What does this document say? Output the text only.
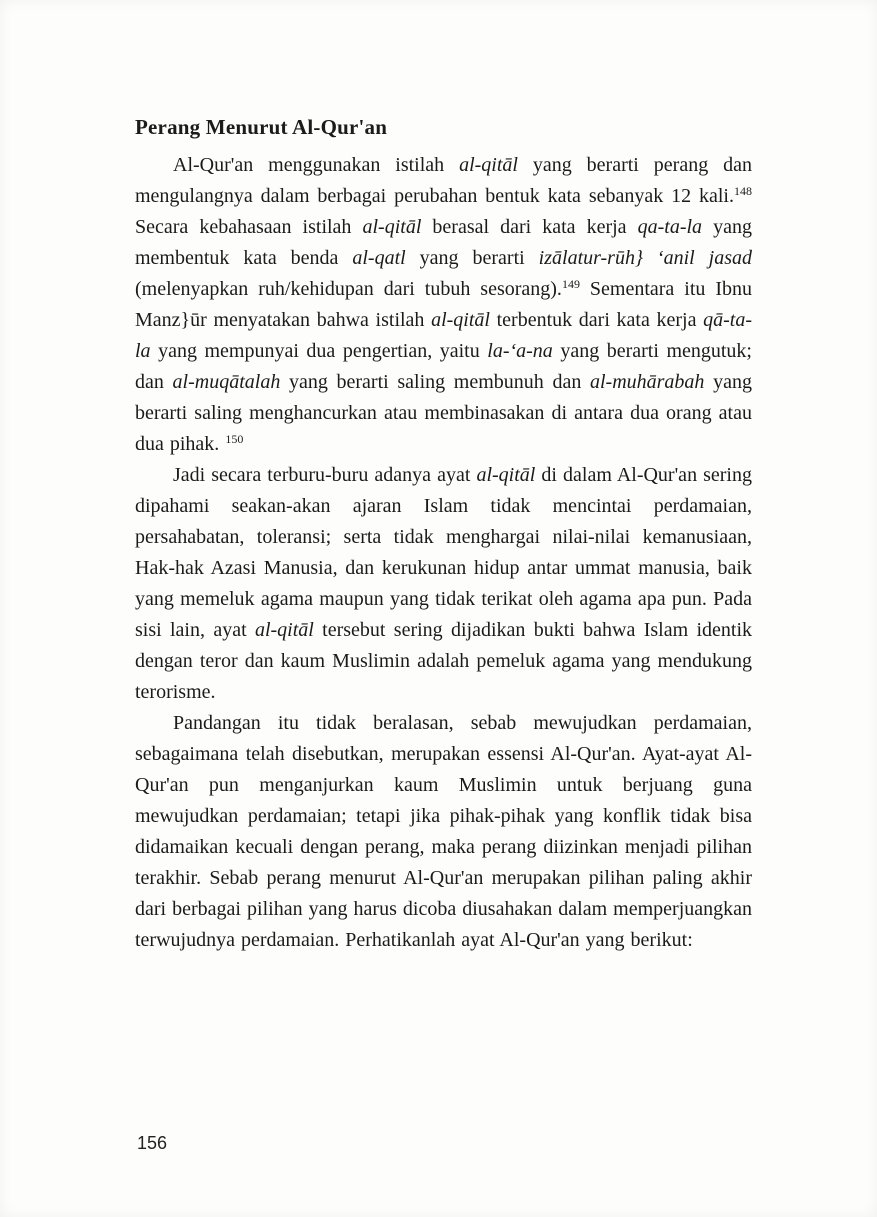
Perang Menurut Al-Qur'an

Al-Qur'an menggunakan istilah al-qitāl yang berarti perang dan mengulangnya dalam berbagai perubahan bentuk kata sebanyak 12 kali.$^{148}$ Secara kebahasaan istilah al-qitāl berasal dari kata kerja qa-ta-la yang membentuk kata benda al-qatl yang berarti izālatur-rūh} ‘anil jasad (melenyapkan ruh/kehidupan dari tubuh sesorang).$^{149}$ Sementara itu Ibnu Manz}ūr menyatakan bahwa istilah al-qitāl terbentuk dari kata kerja qā-ta-la yang mempunyai dua pengertian, yaitu la-‘a-na yang berarti mengutuk; dan al-muqātalah yang berarti saling membunuh dan al-muhārabah yang berarti saling menghancurkan atau membinasakan di antara dua orang atau dua pihak. $^{150}$

Jadi secara terburu-buru adanya ayat al-qitāl di dalam Al-Qur'an sering dipahami seakan-akan ajaran Islam tidak mencintai perdamaian, persahabatan, toleransi; serta tidak menghargai nilai-nilai kemanusiaan, Hak-hak Azasi Manusia, dan kerukunan hidup antar ummat manusia, baik yang memeluk agama maupun yang tidak terikat oleh agama apa pun. Pada sisi lain, ayat al-qitāl tersebut sering dijadikan bukti bahwa Islam identik dengan teror dan kaum Muslimin adalah pemeluk agama yang mendukung terorisme.

Pandangan itu tidak beralasan, sebab mewujudkan perdamaian, sebagaimana telah disebutkan, merupakan essensi Al-Qur'an. Ayat-ayat Al-Qur'an pun menganjurkan kaum Muslimin untuk berjuang guna mewujudkan perdamaian; tetapi jika pihak-pihak yang konflik tidak bisa didamaikan kecuali dengan perang, maka perang diizinkan menjadi pilihan terakhir. Sebab perang menurut Al-Qur'an merupakan pilihan paling akhir dari berbagai pilihan yang harus dicoba diusahakan dalam memperjuangkan terwujudnya perdamaian. Perhatikanlah ayat Al-Qur'an yang berikut:

156
